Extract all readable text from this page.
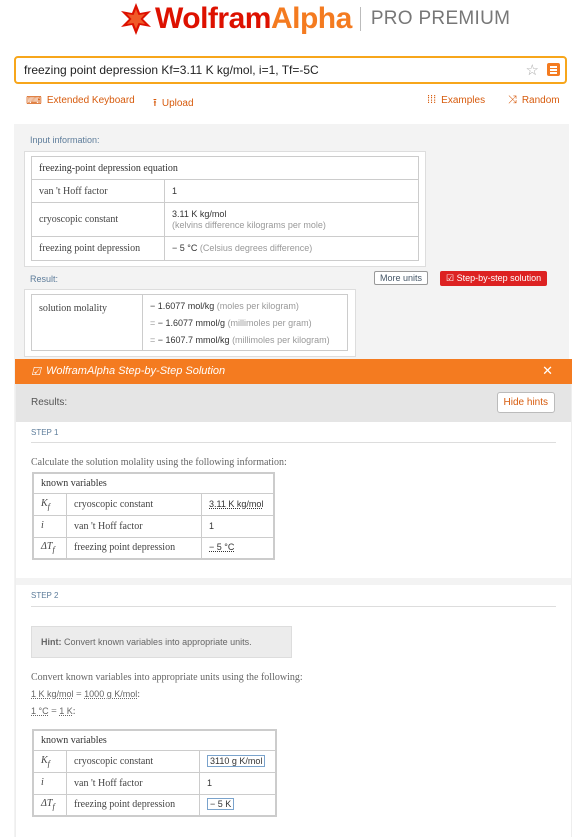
WolframAlpha PRO PREMIUM
freezing point depression Kf=3.11 K kg/mol, i=1, Tf=-5C
☆
⌨ Extended Keyboard ⭱ Upload	⁞⁞⁞ Examples ⤨ Random
Input information:
freezing-point depression equation	
van 't Hoff factor	1
cryoscopic constant	3.11 K kg/mol
(kelvins difference kilograms per mole)
freezing point depression	− 5 °C (Celsius degrees difference)
Result:	More units	☑ Step-by-step solution
solution molality	− 1.6077 mol/kg (moles per kilogram)
= − 1.6077 mmol/g (millimoles per gram)
= − 1607.7 mmol/kg (millimoles per kilogram)
☑ WolframAlpha Step-by-Step Solution	✕
Results:	Hide hints
STEP 1
Calculate the solution molality using the following information:
known variables		
$K_f$	cryoscopic constant	3.11 K kg/mol
i	van 't Hoff factor	1
$\Delta T_f$	freezing point depression	− 5 °C
STEP 2
Hint: Convert known variables into appropriate units.
Convert known variables into appropriate units using the following:
1 K kg/mol = 1000 g K/mol:
1 °C = 1 K:
known variables		
$K_f$	cryoscopic constant	3110 g K/mol
i	van 't Hoff factor	1
$\Delta T_f$	freezing point depression	− 5 K
